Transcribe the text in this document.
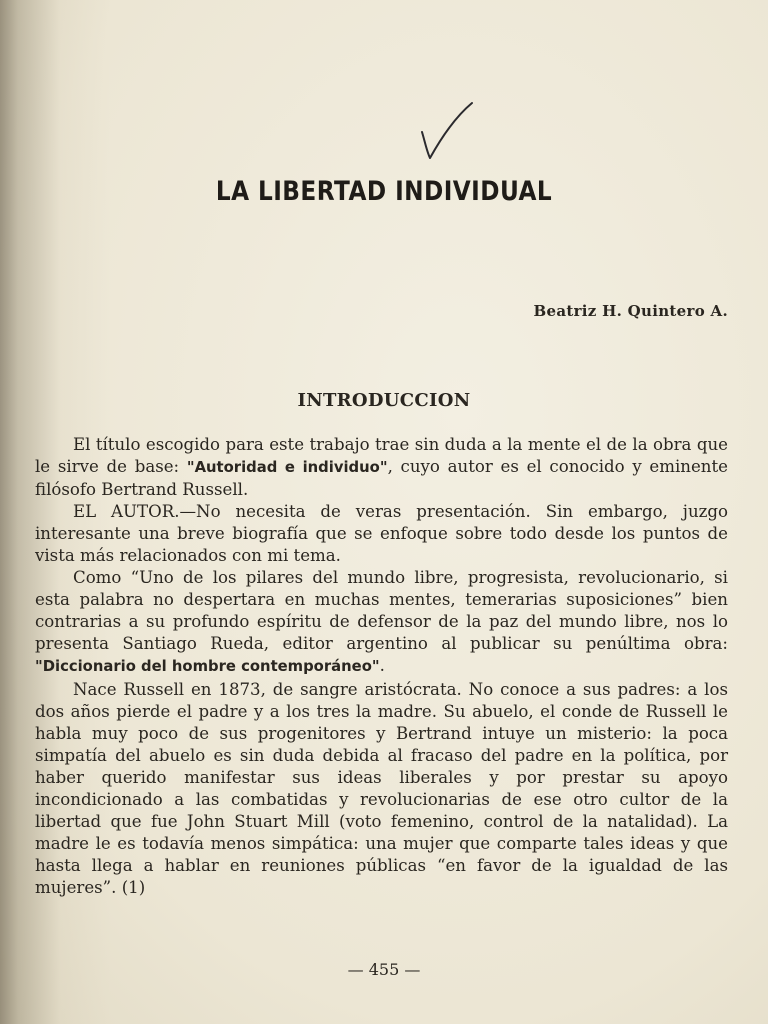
LA LIBERTAD INDIVIDUAL

Beatriz H. Quintero A.

INTRODUCCION

El título escogido para este trabajo trae sin duda a la mente el de la obra que le sirve de base: "Autoridad e individuo", cuyo autor es el conocido y eminente filósofo Bertrand Russell.

EL AUTOR.—No necesita de veras presentación. Sin embargo, juzgo interesante una breve biografía que se enfoque sobre todo desde los puntos de vista más relacionados con mi tema.

Como “Uno de los pilares del mundo libre, progresista, revolucionario, si esta palabra no despertara en muchas mentes, temerarias suposiciones” bien contrarias a su profundo espíritu de defensor de la paz del mundo libre, nos lo presenta Santiago Rueda, editor argentino al publicar su penúltima obra: "Diccionario del hombre contemporáneo".

Nace Russell en 1873, de sangre aristócrata. No conoce a sus padres: a los dos años pierde el padre y a los tres la madre. Su abuelo, el conde de Russell le habla muy poco de sus progenitores y Bertrand intuye un misterio: la poca simpatía del abuelo es sin duda debida al fracaso del padre en la política, por haber querido manifestar sus ideas liberales y por prestar su apoyo incondicionado a las combatidas y revolucionarias de ese otro cultor de la libertad que fue John Stuart Mill (voto femenino, control de la natalidad). La madre le es todavía menos simpática: una mujer que comparte tales ideas y que hasta llega a hablar en reuniones públicas “en favor de la igualdad de las mujeres”. (1)

— 455 —
